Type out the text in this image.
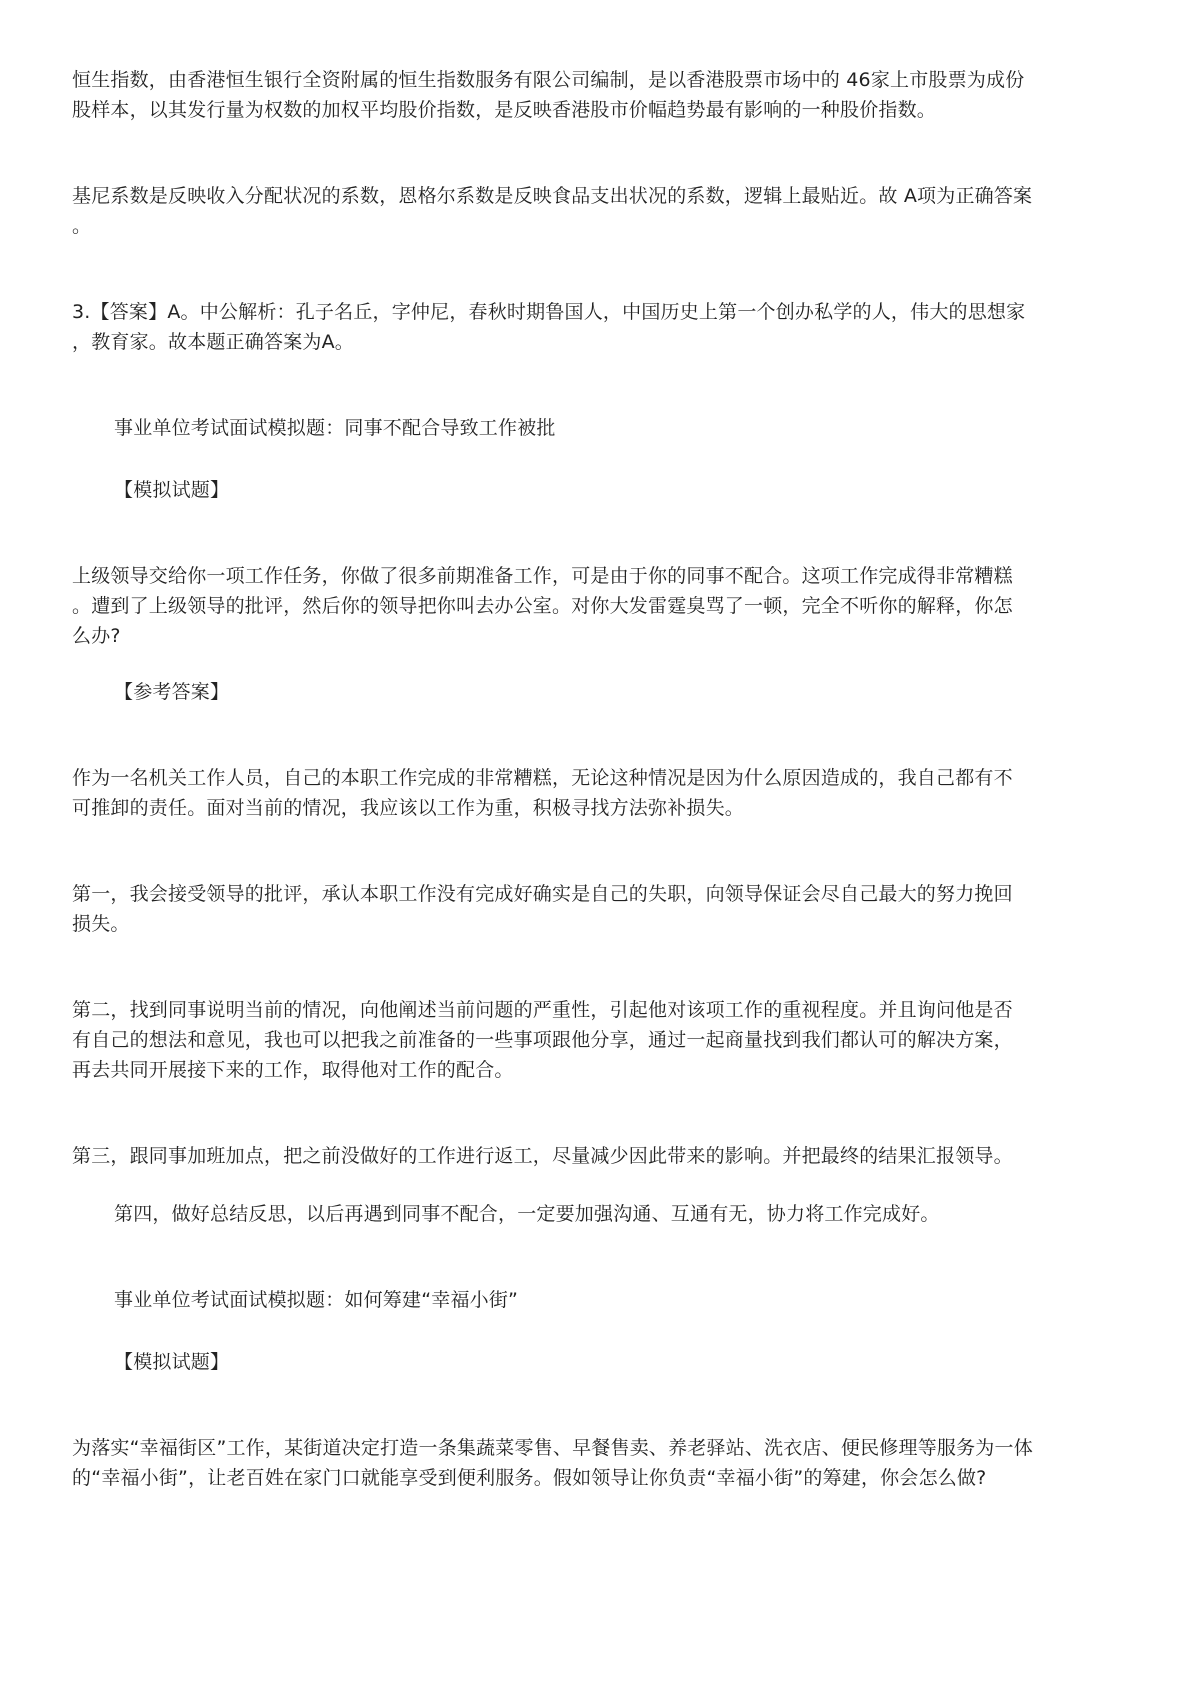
恒生指数，由香港恒生银行全资附属的恒生指数服务有限公司编制，是以香港股票市场中的 46家上市股票为成份
股样本，以其发行量为权数的加权平均股价指数，是反映香港股市价幅趋势最有影响的一种股价指数。
基尼系数是反映收入分配状况的系数，恩格尔系数是反映食品支出状况的系数，逻辑上最贴近。故 A项为正确答案
。
3.【答案】A。中公解析：孔子名丘，字仲尼，春秋时期鲁国人，中国历史上第一个创办私学的人，伟大的思想家
，教育家。故本题正确答案为A。
事业单位考试面试模拟题：同事不配合导致工作被批
【模拟试题】
上级领导交给你一项工作任务，你做了很多前期准备工作，可是由于你的同事不配合。这项工作完成得非常糟糕
。遭到了上级领导的批评，然后你的领导把你叫去办公室。对你大发雷霆臭骂了一顿，完全不听你的解释，你怎
么办?
【参考答案】
作为一名机关工作人员，自己的本职工作完成的非常糟糕，无论这种情况是因为什么原因造成的，我自己都有不
可推卸的责任。面对当前的情况，我应该以工作为重，积极寻找方法弥补损失。
第一，我会接受领导的批评，承认本职工作没有完成好确实是自己的失职，向领导保证会尽自己最大的努力挽回
损失。
第二，找到同事说明当前的情况，向他阐述当前问题的严重性，引起他对该项工作的重视程度。并且询问他是否
有自己的想法和意见，我也可以把我之前准备的一些事项跟他分享，通过一起商量找到我们都认可的解决方案，
再去共同开展接下来的工作，取得他对工作的配合。
第三，跟同事加班加点，把之前没做好的工作进行返工，尽量减少因此带来的影响。并把最终的结果汇报领导。
第四，做好总结反思，以后再遇到同事不配合，一定要加强沟通、互通有无，协力将工作完成好。
事业单位考试面试模拟题：如何筹建“幸福小街”
【模拟试题】
为落实“幸福街区”工作，某街道决定打造一条集蔬菜零售、早餐售卖、养老驿站、洗衣店、便民修理等服务为一体
的“幸福小街”，让老百姓在家门口就能享受到便利服务。假如领导让你负责“幸福小街”的筹建，你会怎么做?
